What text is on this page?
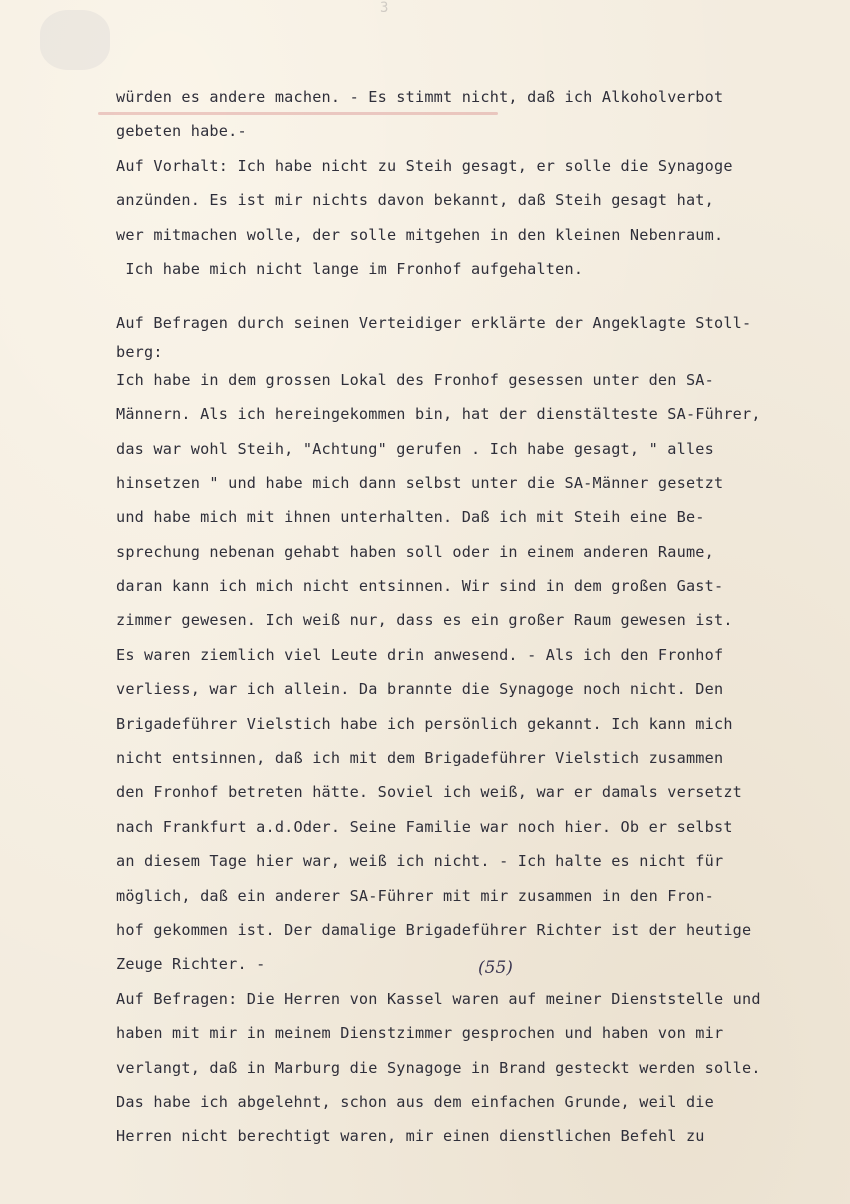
3
würden es andere machen. - Es stimmt nicht, daß ich Alkoholverbot
gebeten habe.-
Auf Vorhalt: Ich habe nicht zu Steih gesagt, er solle die Synagoge
anzünden. Es ist mir nichts davon bekannt, daß Steih gesagt hat,
wer mitmachen wolle, der solle mitgehen in den kleinen Nebenraum.
Ich habe mich nicht lange im Fronhof aufgehalten.
Auf Befragen durch seinen Verteidiger erklärte der Angeklagte Stoll-
berg:
Ich habe in dem grossen Lokal des Fronhof gesessen unter den SA-
Männern. Als ich hereingekommen bin, hat der dienstälteste SA-Führer,
das war wohl Steih, "Achtung" gerufen . Ich habe gesagt, " alles
hinsetzen " und habe mich dann selbst unter die SA-Männer gesetzt
und habe mich mit ihnen unterhalten. Daß ich mit Steih eine Be-
sprechung nebenan gehabt haben soll oder in einem anderen Raume,
daran kann ich mich nicht entsinnen. Wir sind in dem großen Gast-
zimmer gewesen. Ich weiß nur, dass es ein großer Raum gewesen ist.
Es waren ziemlich viel Leute drin anwesend. - Als ich den Fronhof
verliess, war ich allein. Da brannte die Synagoge noch nicht. Den
Brigadeführer Vielstich habe ich persönlich gekannt. Ich kann mich
nicht entsinnen, daß ich mit dem Brigadeführer Vielstich zusammen
den Fronhof betreten hätte. Soviel ich weiß, war er damals versetzt
nach Frankfurt a.d.Oder. Seine Familie war noch hier. Ob er selbst
an diesem Tage hier war, weiß ich nicht. - Ich halte es nicht für
möglich, daß ein anderer SA-Führer mit mir zusammen in den Fron-
hof gekommen ist. Der damalige Brigadeführer Richter ist der heutige
Zeuge Richter. -
Auf Befragen: Die Herren von Kassel waren auf meiner Dienststelle und
haben mit mir in meinem Dienstzimmer gesprochen und haben von mir
verlangt, daß in Marburg die Synagoge in Brand gesteckt werden solle.
Das habe ich abgelehnt, schon aus dem einfachen Grunde, weil die
Herren nicht berechtigt waren, mir einen dienstlichen Befehl zu
(55)
